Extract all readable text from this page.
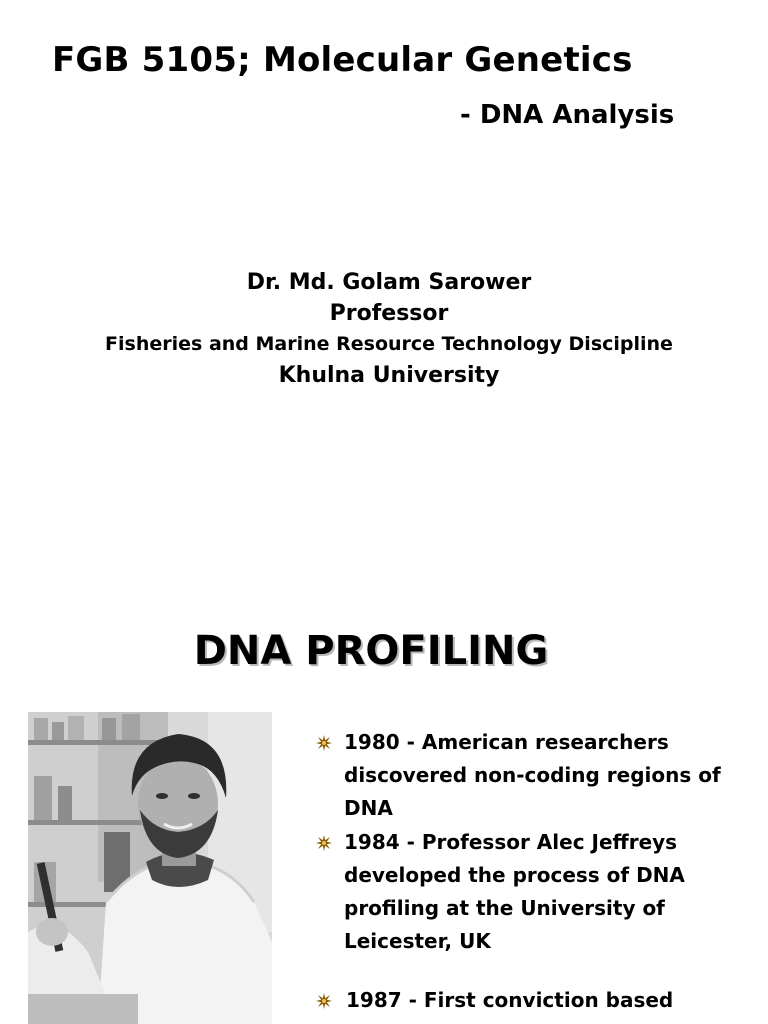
FGB 5105; Molecular Genetics
- DNA Analysis
Dr. Md. Golam Sarower
Professor
Fisheries and Marine Resource Technology Discipline
Khulna University
DNA PROFILING
1980 - American researchers
discovered non-coding regions of
DNA
1984 - Professor Alec Jeffreys
developed the process of DNA
profiling at the University of
Leicester, UK
1987 - First conviction based
